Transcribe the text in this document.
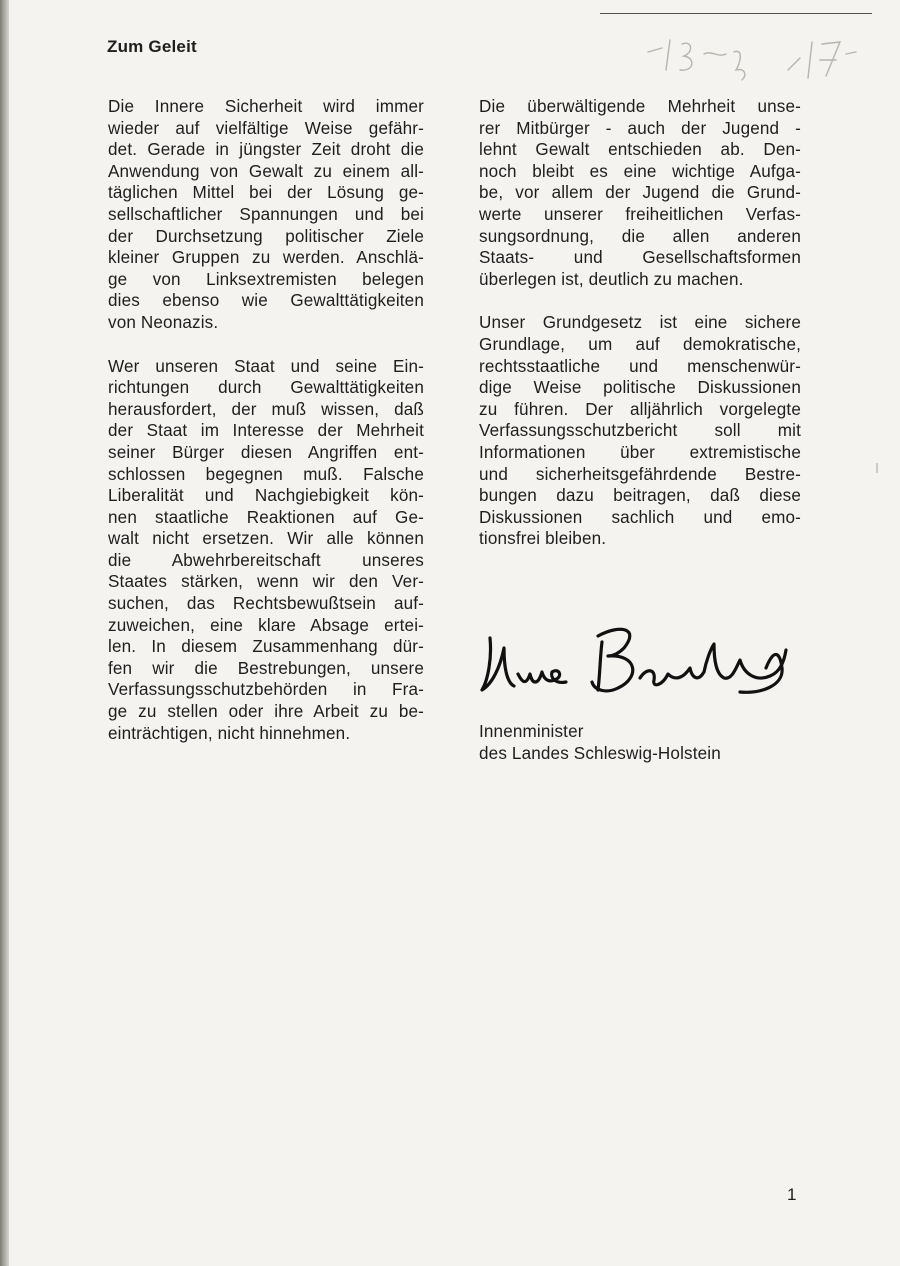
Zum Geleit

Die Innere Sicherheit wird immer
wieder auf vielfältige Weise gefähr-
det. Gerade in jüngster Zeit droht die
Anwendung von Gewalt zu einem all-
täglichen Mittel bei der Lösung ge-
sellschaftlicher Spannungen und bei
der Durchsetzung politischer Ziele
kleiner Gruppen zu werden. Anschlä-
ge von Linksextremisten belegen
dies ebenso wie Gewalttätigkeiten
von Neonazis.

Wer unseren Staat und seine Ein-
richtungen durch Gewalttätigkeiten
herausfordert, der muß wissen, daß
der Staat im Interesse der Mehrheit
seiner Bürger diesen Angriffen ent-
schlossen begegnen muß. Falsche
Liberalität und Nachgiebigkeit kön-
nen staatliche Reaktionen auf Ge-
walt nicht ersetzen. Wir alle können
die Abwehrbereitschaft unseres
Staates stärken, wenn wir den Ver-
suchen, das Rechtsbewußtsein auf-
zuweichen, eine klare Absage ertei-
len. In diesem Zusammenhang dür-
fen wir die Bestrebungen, unsere
Verfassungsschutzbehörden in Fra-
ge zu stellen oder ihre Arbeit zu be-
einträchtigen, nicht hinnehmen.

Die überwältigende Mehrheit unse-
rer Mitbürger - auch der Jugend -
lehnt Gewalt entschieden ab. Den-
noch bleibt es eine wichtige Aufga-
be, vor allem der Jugend die Grund-
werte unserer freiheitlichen Verfas-
sungsordnung, die allen anderen
Staats- und Gesellschaftsformen
überlegen ist, deutlich zu machen.

Unser Grundgesetz ist eine sichere
Grundlage, um auf demokratische,
rechtsstaatliche und menschenwür-
dige Weise politische Diskussionen
zu führen. Der alljährlich vorgelegte
Verfassungsschutzbericht soll mit
Informationen über extremistische
und sicherheitsgefährdende Bestre-
bungen dazu beitragen, daß diese
Diskussionen sachlich und emo-
tionsfrei bleiben.

Innenminister
des Landes Schleswig-Holstein
1
